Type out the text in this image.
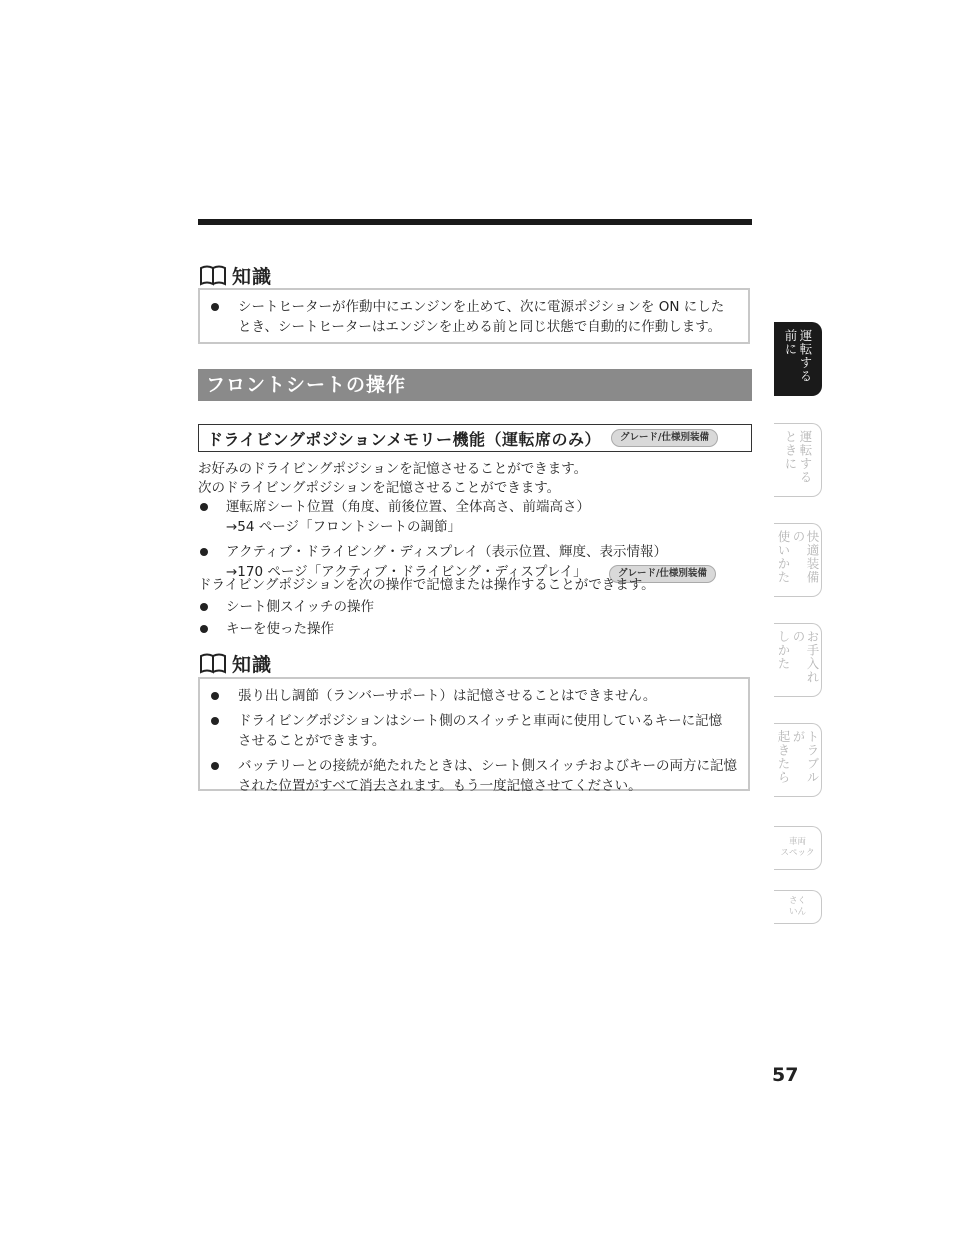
知識
シートヒーターが作動中にエンジンを止めて、次に電源ポジションを ON にした
とき、シートヒーターはエンジンを止める前と同じ状態で自動的に作動します。
フロントシートの操作
ドライビングポジションメモリー機能（運転席のみ）	グレード/仕様別装備
お好みのドライビングポジションを記憶させることができます。
次のドライビングポジションを記憶させることができます。
運転席シート位置（角度、前後位置、全体高さ、前端高さ）
→54 ページ「フロントシートの調節」
アクティブ・ドライビング・ディスプレイ（表示位置、輝度、表示情報）
→170 ページ「アクティブ・ドライビング・ディスプレイ」	グレード/仕様別装備
ドライビングポジションを次の操作で記憶または操作することができます。
シート側スイッチの操作
キーを使った操作
知識
張り出し調節（ランバーサポート）は記憶させることはできません。
ドライビングポジションはシート側のスイッチと車両に使用しているキーに記憶
させることができます。
バッテリーとの接続が絶たれたときは、シート側スイッチおよびキーの両方に記憶
された位置がすべて消去されます。もう一度記憶させてください。
運転する
前に
運転する
ときに
快適装備の
使いかた
お手入れの
しかた
トラブルが
起きたら
車両
スペック
さく
いん
57
